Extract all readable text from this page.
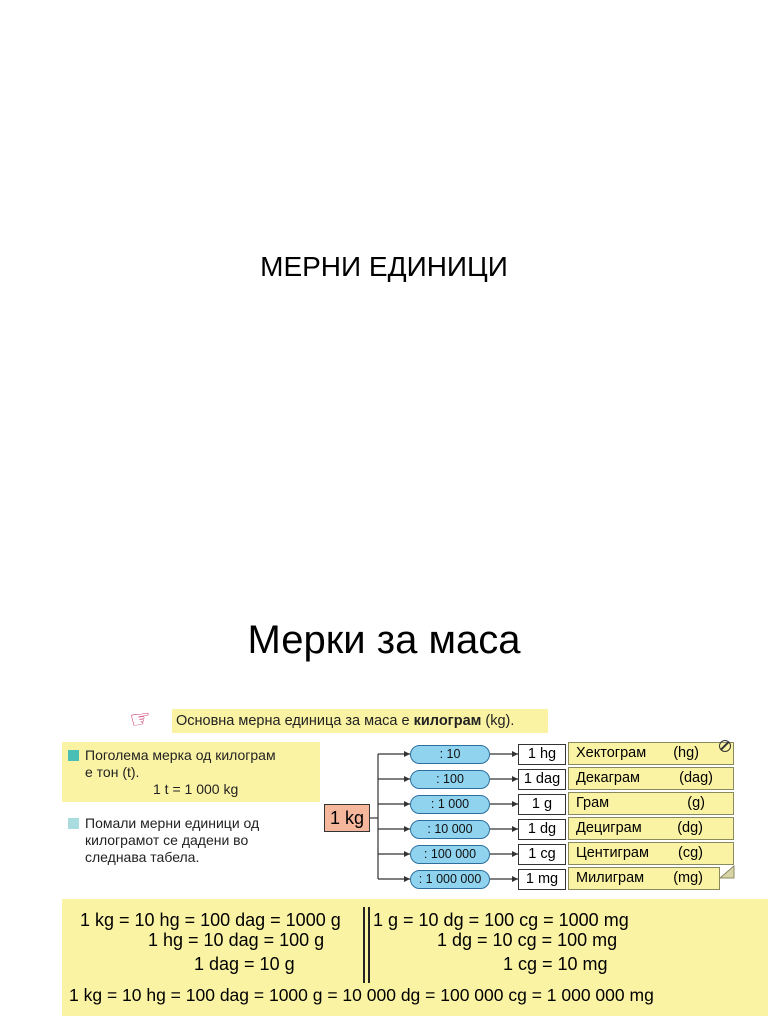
МЕРНИ ЕДИНИЦИ
Мерки за маса
☞ Основна мерна единица за маса е килограм (kg).
Поголема мерка од килограм
е тон (t).
1 t = 1 000 kg
Помали мерни единици од
килограмот се дадени во
следнава табела.
1 kg
: 10	1 hg	Хектограм (hg)
: 100	1 dag	Декаграм	(dag)
: 1 000	1 g	Грам	(g)
: 10 000	1 dg	Дециграм (dg)
: 100 000	1 cg	Центиграм (cg)
: 1 000 000	1 mg	Милиграм (mg)
1 kg = 10 hg = 100 dag = 1000 g
1 hg = 10 dag = 100 g
1 dag = 10 g
1 g = 10 dg = 100 cg = 1000 mg
1 dg = 10 cg = 100 mg
1 cg = 10 mg
1 kg = 10 hg = 100 dag = 1000 g = 10 000 dg = 100 000 cg = 1 000 000 mg
